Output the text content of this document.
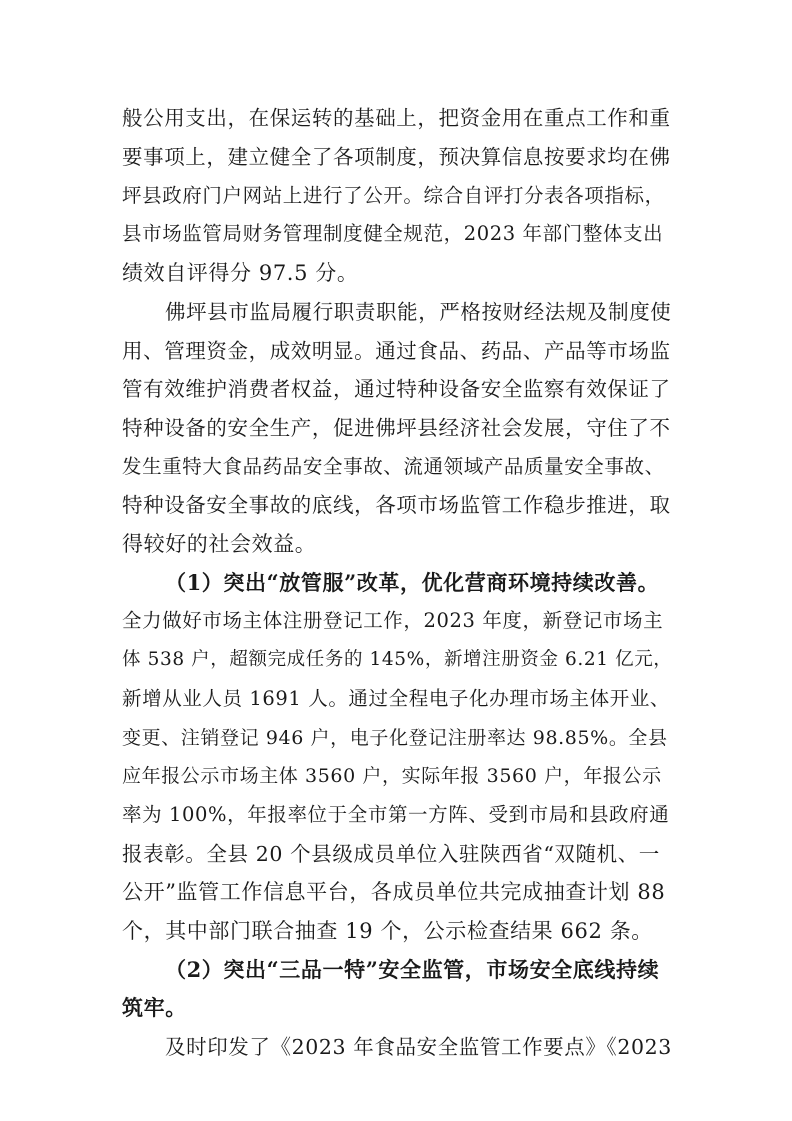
般公用支出，在保运转的基础上，把资金用在重点工作和重
要事项上，建立健全了各项制度，预决算信息按要求均在佛
坪县政府门户网站上进行了公开。综合自评打分表各项指标，
县市场监管局财务管理制度健全规范，2023 年部门整体支出
绩效自评得分 97.5 分。
佛坪县市监局履行职责职能，严格按财经法规及制度使
用、管理资金，成效明显。通过食品、药品、产品等市场监
管有效维护消费者权益，通过特种设备安全监察有效保证了
特种设备的安全生产，促进佛坪县经济社会发展，守住了不
发生重特大食品药品安全事故、流通领域产品质量安全事故、
特种设备安全事故的底线，各项市场监管工作稳步推进，取
得较好的社会效益。
（1）突出“放管服”改革，优化营商环境持续改善。
全力做好市场主体注册登记工作，2023 年度，新登记市场主
体 538 户，超额完成任务的 145%，新增注册资金 6.21 亿元，
新增从业人员 1691 人。通过全程电子化办理市场主体开业、
变更、注销登记 946 户，电子化登记注册率达 98.85%。全县
应年报公示市场主体 3560 户，实际年报 3560 户，年报公示
率为 100%，年报率位于全市第一方阵、受到市局和县政府通
报表彰。全县 20 个县级成员单位入驻陕西省“双随机、一
公开”监管工作信息平台，各成员单位共完成抽查计划 88
个，其中部门联合抽查 19 个，公示检查结果 662 条。
（2）突出“三品一特”安全监管，市场安全底线持续
筑牢。
及时印发了《2023 年食品安全监管工作要点》《2023
